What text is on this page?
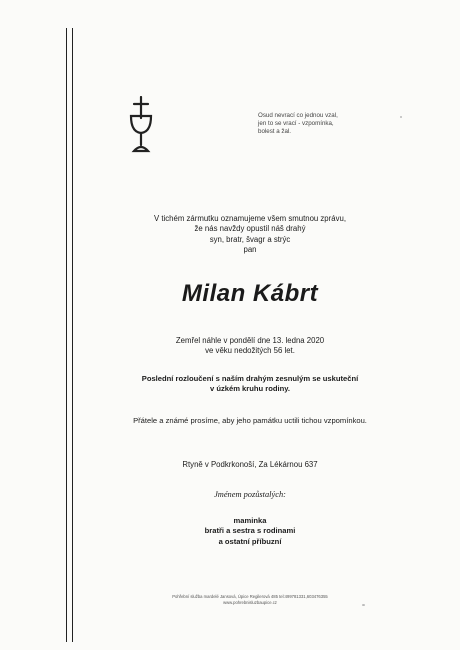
Osud nevrací co jednou vzal,
jen to se vrací - vzpomínka,
bolest a žal.
V tichém zármutku oznamujeme všem smutnou zprávu,
že nás navždy opustil náš drahý
syn, bratr, švagr a strýc
pan
Milan Kábrt
Zemřel náhle v pondělí dne 13. ledna 2020
ve věku nedožitých 56 let.
Poslední rozloučení s naším drahým zesnulým se uskuteční
v úzkém kruhu rodiny.
Přátele a známé prosíme, aby jeho památku uctili tichou vzpomínkou.
Rtyně v Podkrkonoší, Za Lékárnou 637
Jménem pozůstalých:
maminka
bratři a sestra s rodinami
a ostatní příbuzní
Pohřební služba mardelé Jansová, Úpice Regilerová 485 tel:499781331,603476355
www.pohrebnisluzbaupice.cz
